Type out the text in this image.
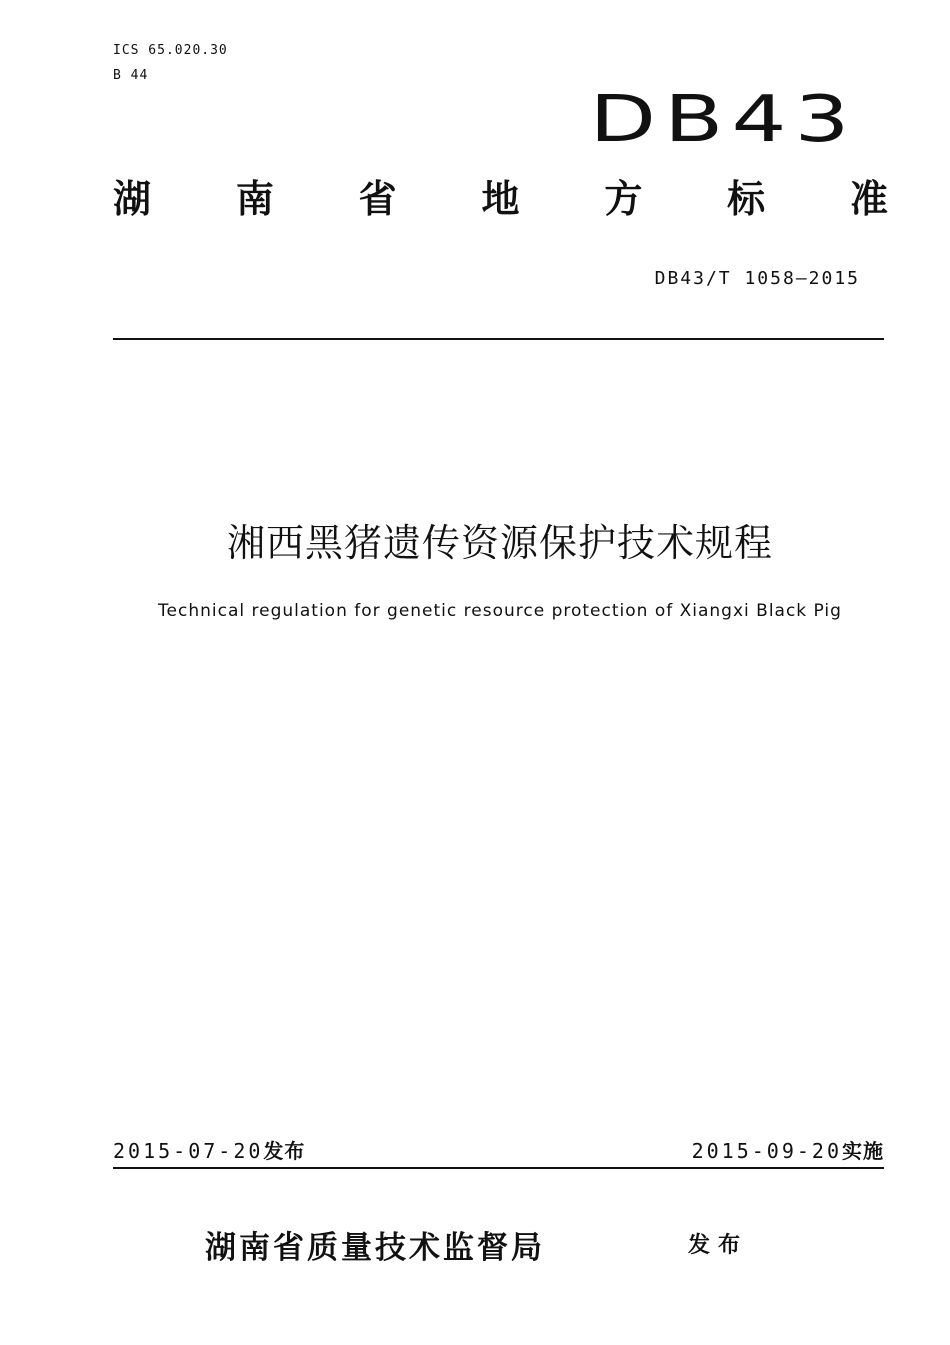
ICS 65.020.30
B 44
DB43
湖 南 省 地 方 标 准
DB43/T 1058—2015
湘西黑猪遗传资源保护技术规程
Technical regulation for genetic resource protection of Xiangxi Black Pig
2015-07-20发布	2015-09-20实施
湖南省质量技术监督局	发布
